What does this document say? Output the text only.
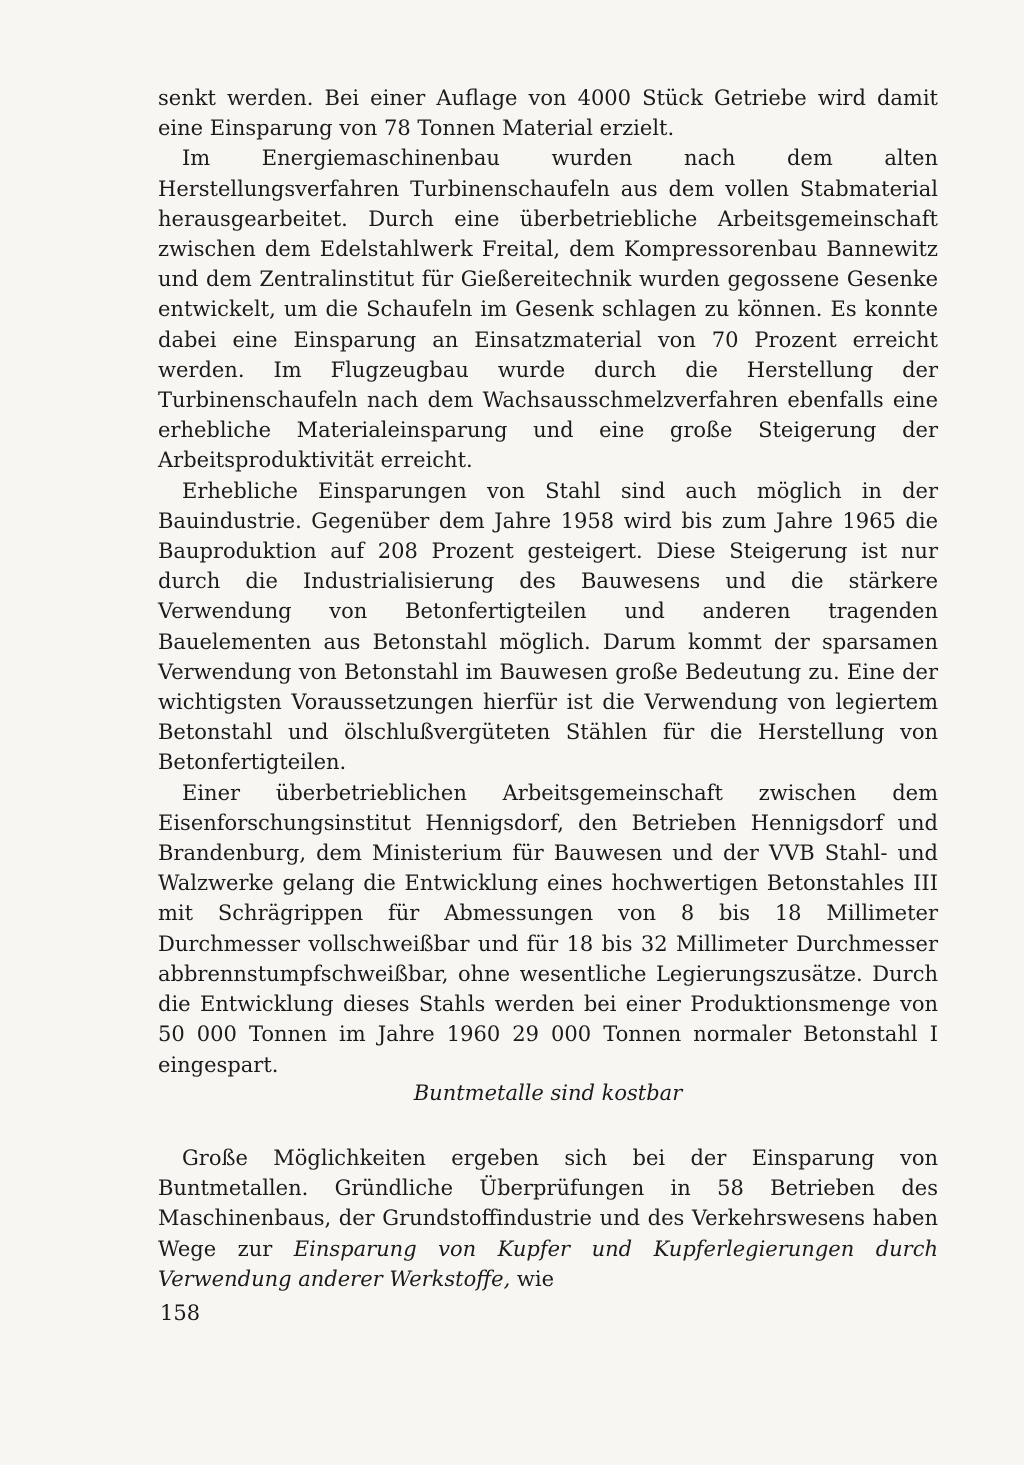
senkt werden. Bei einer Auflage von 4000 Stück Getriebe wird damit eine Einsparung von 78 Tonnen Material erzielt.

Im Energiemaschinenbau wurden nach dem alten Herstellungsverfahren Turbinenschaufeln aus dem vollen Stabmaterial herausgearbeitet. Durch eine überbetriebliche Arbeitsgemeinschaft zwischen dem Edelstahlwerk Freital, dem Kompressorenbau Bannewitz und dem Zentralinstitut für Gießereitechnik wurden gegossene Gesenke entwickelt, um die Schaufeln im Gesenk schlagen zu können. Es konnte dabei eine Einsparung an Einsatzmaterial von 70 Prozent erreicht werden. Im Flugzeugbau wurde durch die Herstellung der Turbinenschaufeln nach dem Wachsausschmelzverfahren ebenfalls eine erhebliche Materialeinsparung und eine große Steigerung der Arbeitsproduktivität erreicht.

Erhebliche Einsparungen von Stahl sind auch möglich in der Bauindustrie. Gegenüber dem Jahre 1958 wird bis zum Jahre 1965 die Bauproduktion auf 208 Prozent gesteigert. Diese Steigerung ist nur durch die Industrialisierung des Bauwesens und die stärkere Verwendung von Betonfertigteilen und anderen tragenden Bauelementen aus Betonstahl möglich. Darum kommt der sparsamen Verwendung von Betonstahl im Bauwesen große Bedeutung zu. Eine der wichtigsten Voraussetzungen hierfür ist die Verwendung von legiertem Betonstahl und ölschlußvergüteten Stählen für die Herstellung von Betonfertigteilen.

Einer überbetrieblichen Arbeitsgemeinschaft zwischen dem Eisenforschungsinstitut Hennigsdorf, den Betrieben Hennigsdorf und Brandenburg, dem Ministerium für Bauwesen und der VVB Stahl- und Walzwerke gelang die Entwicklung eines hochwertigen Betonstahles III mit Schrägrippen für Abmessungen von 8 bis 18 Millimeter Durchmesser vollschweißbar und für 18 bis 32 Millimeter Durchmesser abbrennstumpfschweißbar, ohne wesentliche Legierungszusätze. Durch die Entwicklung dieses Stahls werden bei einer Produktionsmenge von 50 000 Tonnen im Jahre 1960 29 000 Tonnen normaler Betonstahl I eingespart.

Buntmetalle sind kostbar

Große Möglichkeiten ergeben sich bei der Einsparung von Buntmetallen. Gründliche Überprüfungen in 58 Betrieben des Maschinenbaus, der Grundstoffindustrie und des Verkehrswesens haben Wege zur Einsparung von Kupfer und Kupferlegierungen durch Verwendung anderer Werkstoffe, wie

158
